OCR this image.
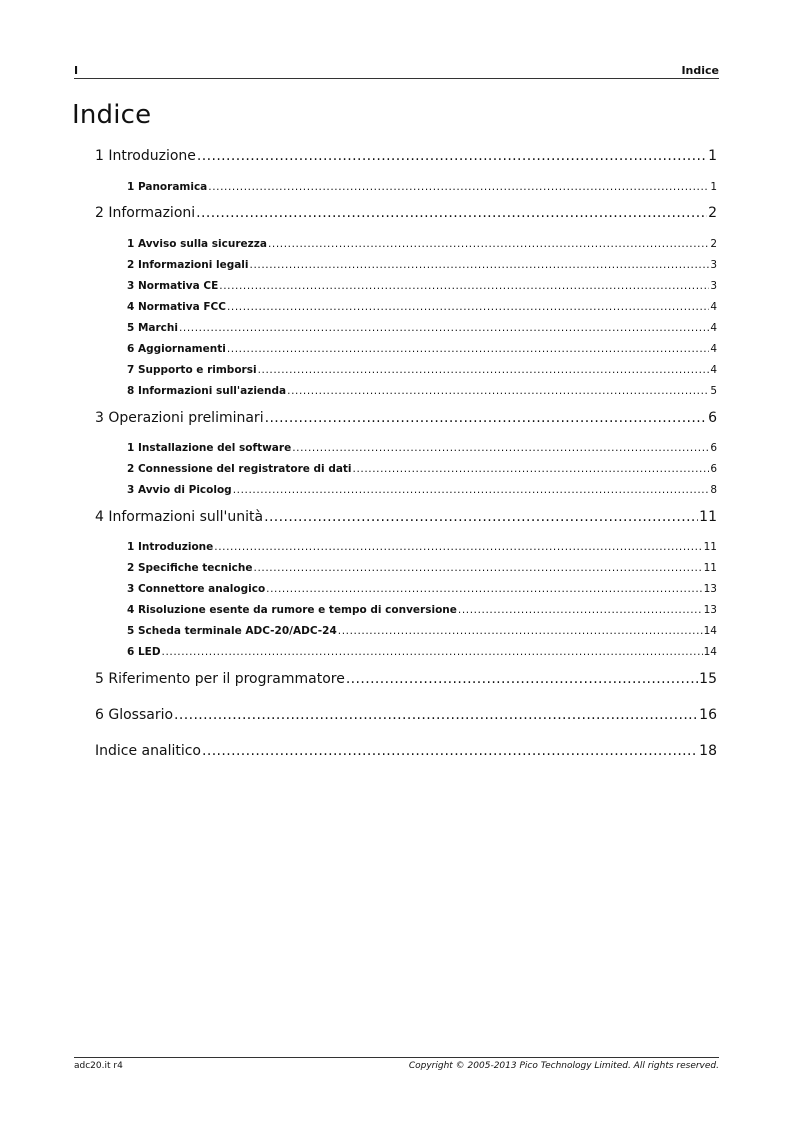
I	Indice
Indice
1 Introduzione .....	1
1 Panoramica .....	1
2 Informazioni .....	2
1 Avviso sulla sicurezza .....	2
2 Informazioni legali .....	3
3 Normativa CE .....	3
4 Normativa FCC .....	4
5 Marchi .....	4
6 Aggiornamenti .....	4
7 Supporto e rimborsi .....	4
8 Informazioni sull'azienda .....	5
3 Operazioni preliminari .....	6
1 Installazione del software .....	6
2 Connessione del registratore di dati .....	6
3 Avvio di Picolog .....	8
4 Informazioni sull'unità .....	11
1 Introduzione .....	11
2 Specifiche tecniche .....	11
3 Connettore analogico .....	13
4 Risoluzione esente da rumore e tempo di conversione .....	13
5 Scheda terminale ADC-20/ADC-24 .....	14
6 LED .....	14
5 Riferimento per il programmatore .....	15
6 Glossario .....	16
Indice analitico .....	18
adc20.it r4	Copyright © 2005-2013 Pico Technology Limited. All rights reserved.
